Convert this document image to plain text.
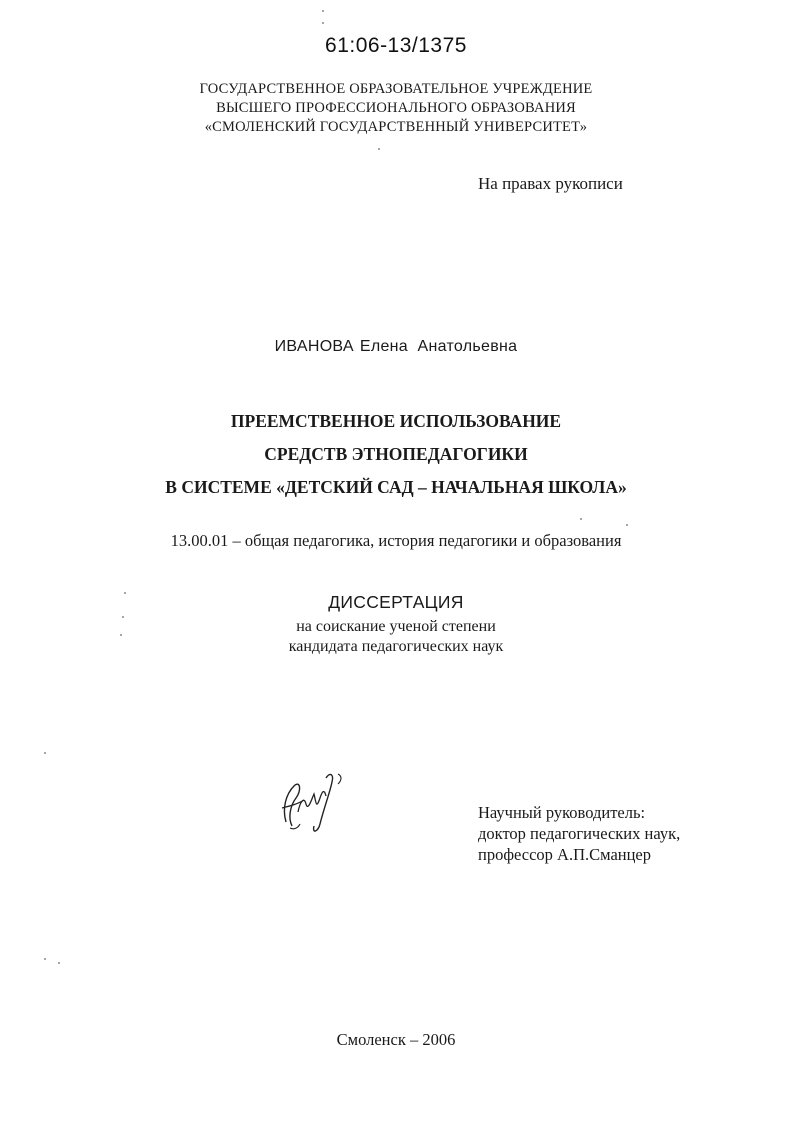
61:06-13/1375
ГОСУДАРСТВЕННОЕ ОБРАЗОВАТЕЛЬНОЕ УЧРЕЖДЕНИЕ
ВЫСШЕГО ПРОФЕССИОНАЛЬНОГО ОБРАЗОВАНИЯ
«СМОЛЕНСКИЙ ГОСУДАРСТВЕННЫЙ УНИВЕРСИТЕТ»
На правах рукописи
ИВАНОВА Елена  Анатольевна
ПРЕЕМСТВЕННОЕ ИСПОЛЬЗОВАНИЕ
СРЕДСТВ ЭТНОПЕДАГОГИКИ
В СИСТЕМЕ «ДЕТСКИЙ САД – НАЧАЛЬНАЯ ШКОЛА»
13.00.01 – общая педагогика, история педагогики и образования
ДИССЕРТАЦИЯ
на соискание ученой степени
кандидата педагогических наук
Научный руководитель:
доктор педагогических наук,
профессор А.П.Сманцер
Смоленск – 2006
